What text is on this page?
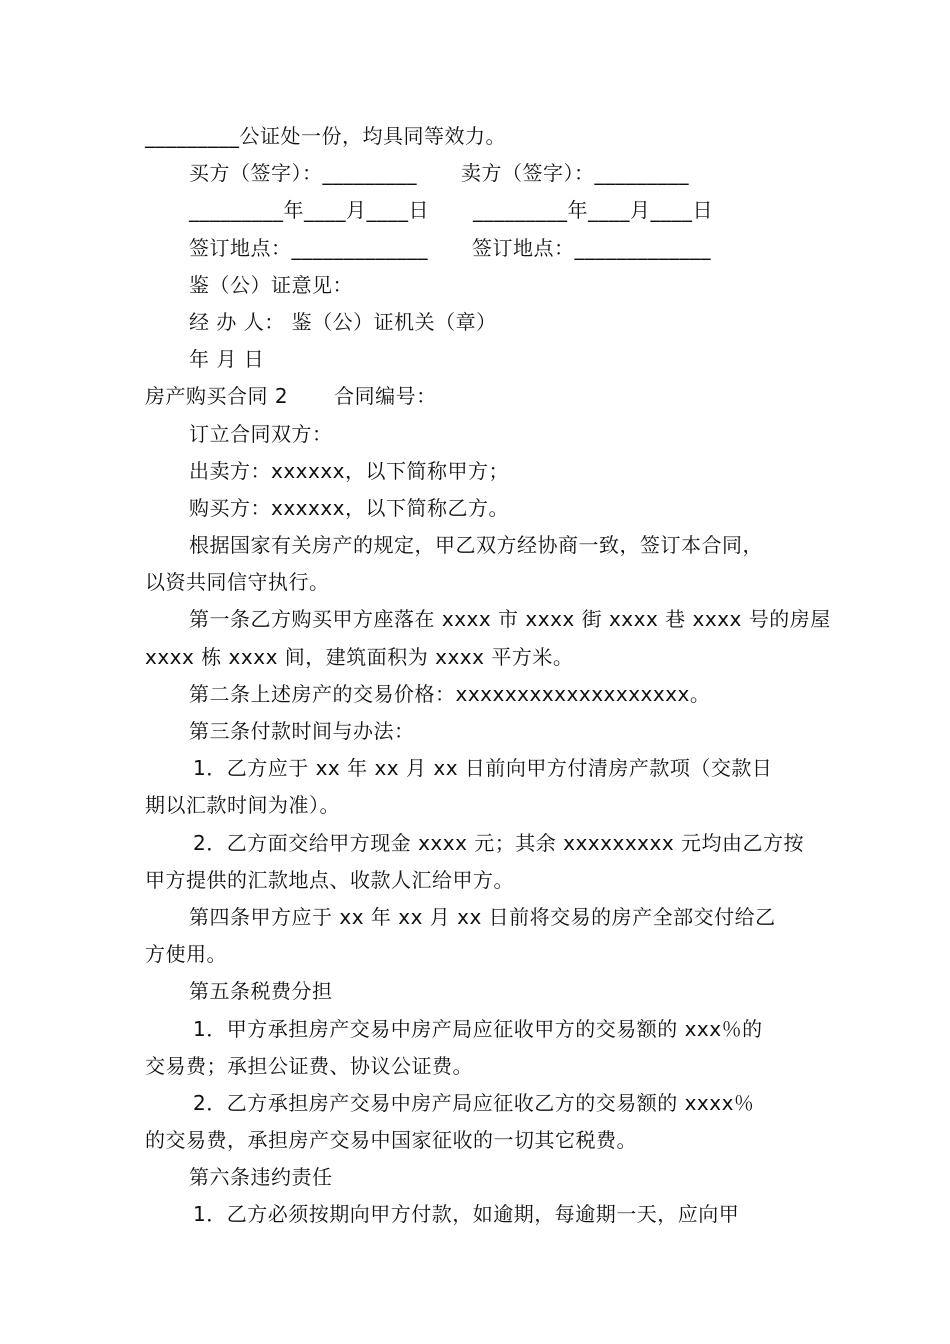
_________公证处一份，均具同等效力。
买方（签字）：_________ 卖方（签字）：_________
_________年____月____日 _________年____月____日
签订地点：_____________ 签订地点：_____________
鉴（公）证意见：
经 办 人： 鉴（公）证机关（章）
年 月 日
房产购买合同 2 合同编号：
订立合同双方：
出卖方：xxxxxx，以下简称甲方；
购买方：xxxxxx，以下简称乙方。
根据国家有关房产的规定，甲乙双方经协商一致，签订本合同，
以资共同信守执行。
第一条乙方购买甲方座落在 xxxx 市 xxxx 街 xxxx 巷 xxxx 号的房屋
xxxx 栋 xxxx 间，建筑面积为 xxxx 平方米。
第二条上述房产的交易价格：xxxxxxxxxxxxxxxxxxx。
第三条付款时间与办法：
1．乙方应于 xx 年 xx 月 xx 日前向甲方付清房产款项（交款日
期以汇款时间为准）。
2．乙方面交给甲方现金 xxxx 元；其余 xxxxxxxxx 元均由乙方按
甲方提供的汇款地点、收款人汇给甲方。
第四条甲方应于 xx 年 xx 月 xx 日前将交易的房产全部交付给乙
方使用。
第五条税费分担
1．甲方承担房产交易中房产局应征收甲方的交易额的 xxx％的
交易费；承担公证费、协议公证费。
2．乙方承担房产交易中房产局应征收乙方的交易额的 xxxx％
的交易费，承担房产交易中国家征收的一切其它税费。
第六条违约责任
1．乙方必须按期向甲方付款，如逾期，每逾期一天，应向甲
